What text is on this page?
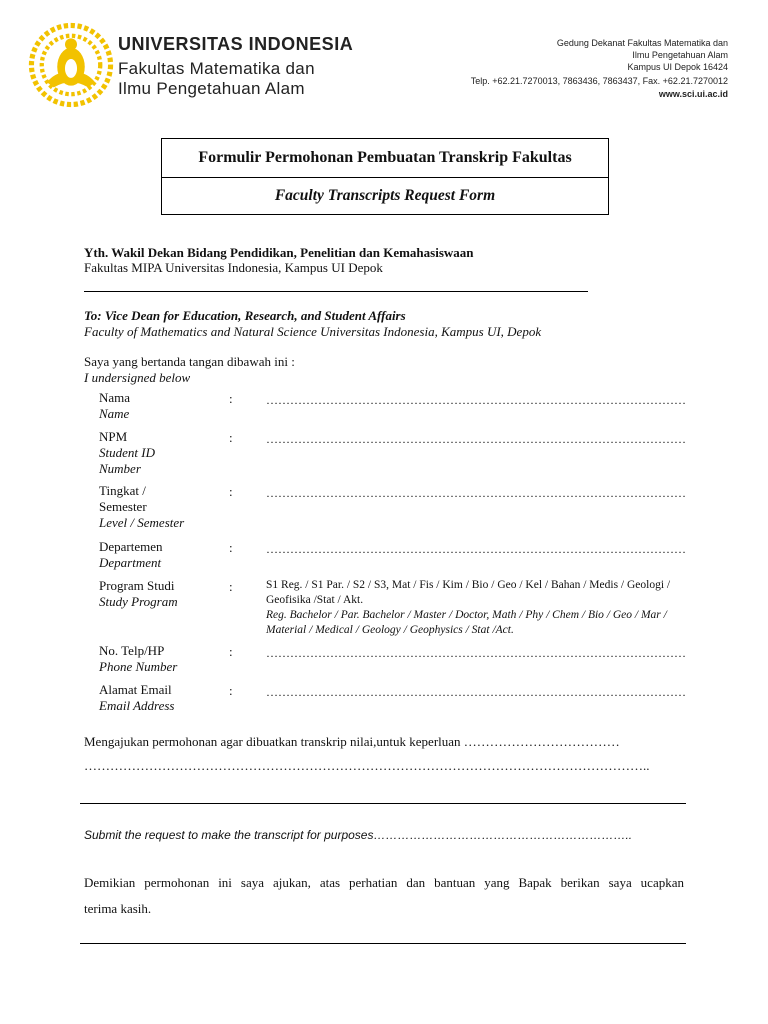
UNIVERSITAS INDONESIA
Fakultas Matematika dan
Ilmu Pengetahuan Alam
Gedung Dekanat Fakultas Matematika dan
Ilmu Pengetahuan Alam
Kampus UI Depok 16424
Telp. +62.21.7270013, 7863436, 7863437, Fax. +62.21.7270012
www.sci.ui.ac.id
Formulir Permohonan Pembuatan Transkrip Fakultas
Faculty Transcripts Request Form
Yth. Wakil Dekan Bidang Pendidikan, Penelitian dan Kemahasiswaan
Fakultas MIPA Universitas Indonesia, Kampus UI Depok
To: Vice Dean for Education, Research, and Student Affairs
Faculty of Mathematics and Natural Science Universitas Indonesia, Kampus UI, Depok
Saya yang bertanda tangan dibawah ini :
I undersigned below
Nama
Name
:	……………………………………………………………………………………………
NPM
Student ID
Number
:	……………………………………………………………………………………………
Tingkat /
Semester
Level / Semester
:	……………………………………………………………………………………………
Departemen
Department
:	……………………………………………………………………………………………
Program Studi
Study Program
:	S1 Reg. / S1 Par. / S2 / S3, Mat / Fis / Kim / Bio / Geo / Kel / Bahan / Medis / Geologi /
Geofisika /Stat / Akt.
Reg. Bachelor / Par. Bachelor / Master / Doctor, Math / Phy / Chem / Bio / Geo / Mar /
Material / Medical / Geology / Geophysics / Stat /Act.
No. Telp/HP
Phone Number
:	……………………………………………………………………………………………
Alamat Email
Email Address
:	……………………………………………………………………………………………
Mengajukan permohonan agar dibuatkan transkrip nilai,untuk keperluan ………………………………
…………………………………………………………………………………………………………………..
Submit the request to make the transcript for purposes………………………………………………………..
Demikian permohonan ini saya ajukan, atas perhatian dan bantuan yang Bapak berikan saya ucapkan
terima kasih.
